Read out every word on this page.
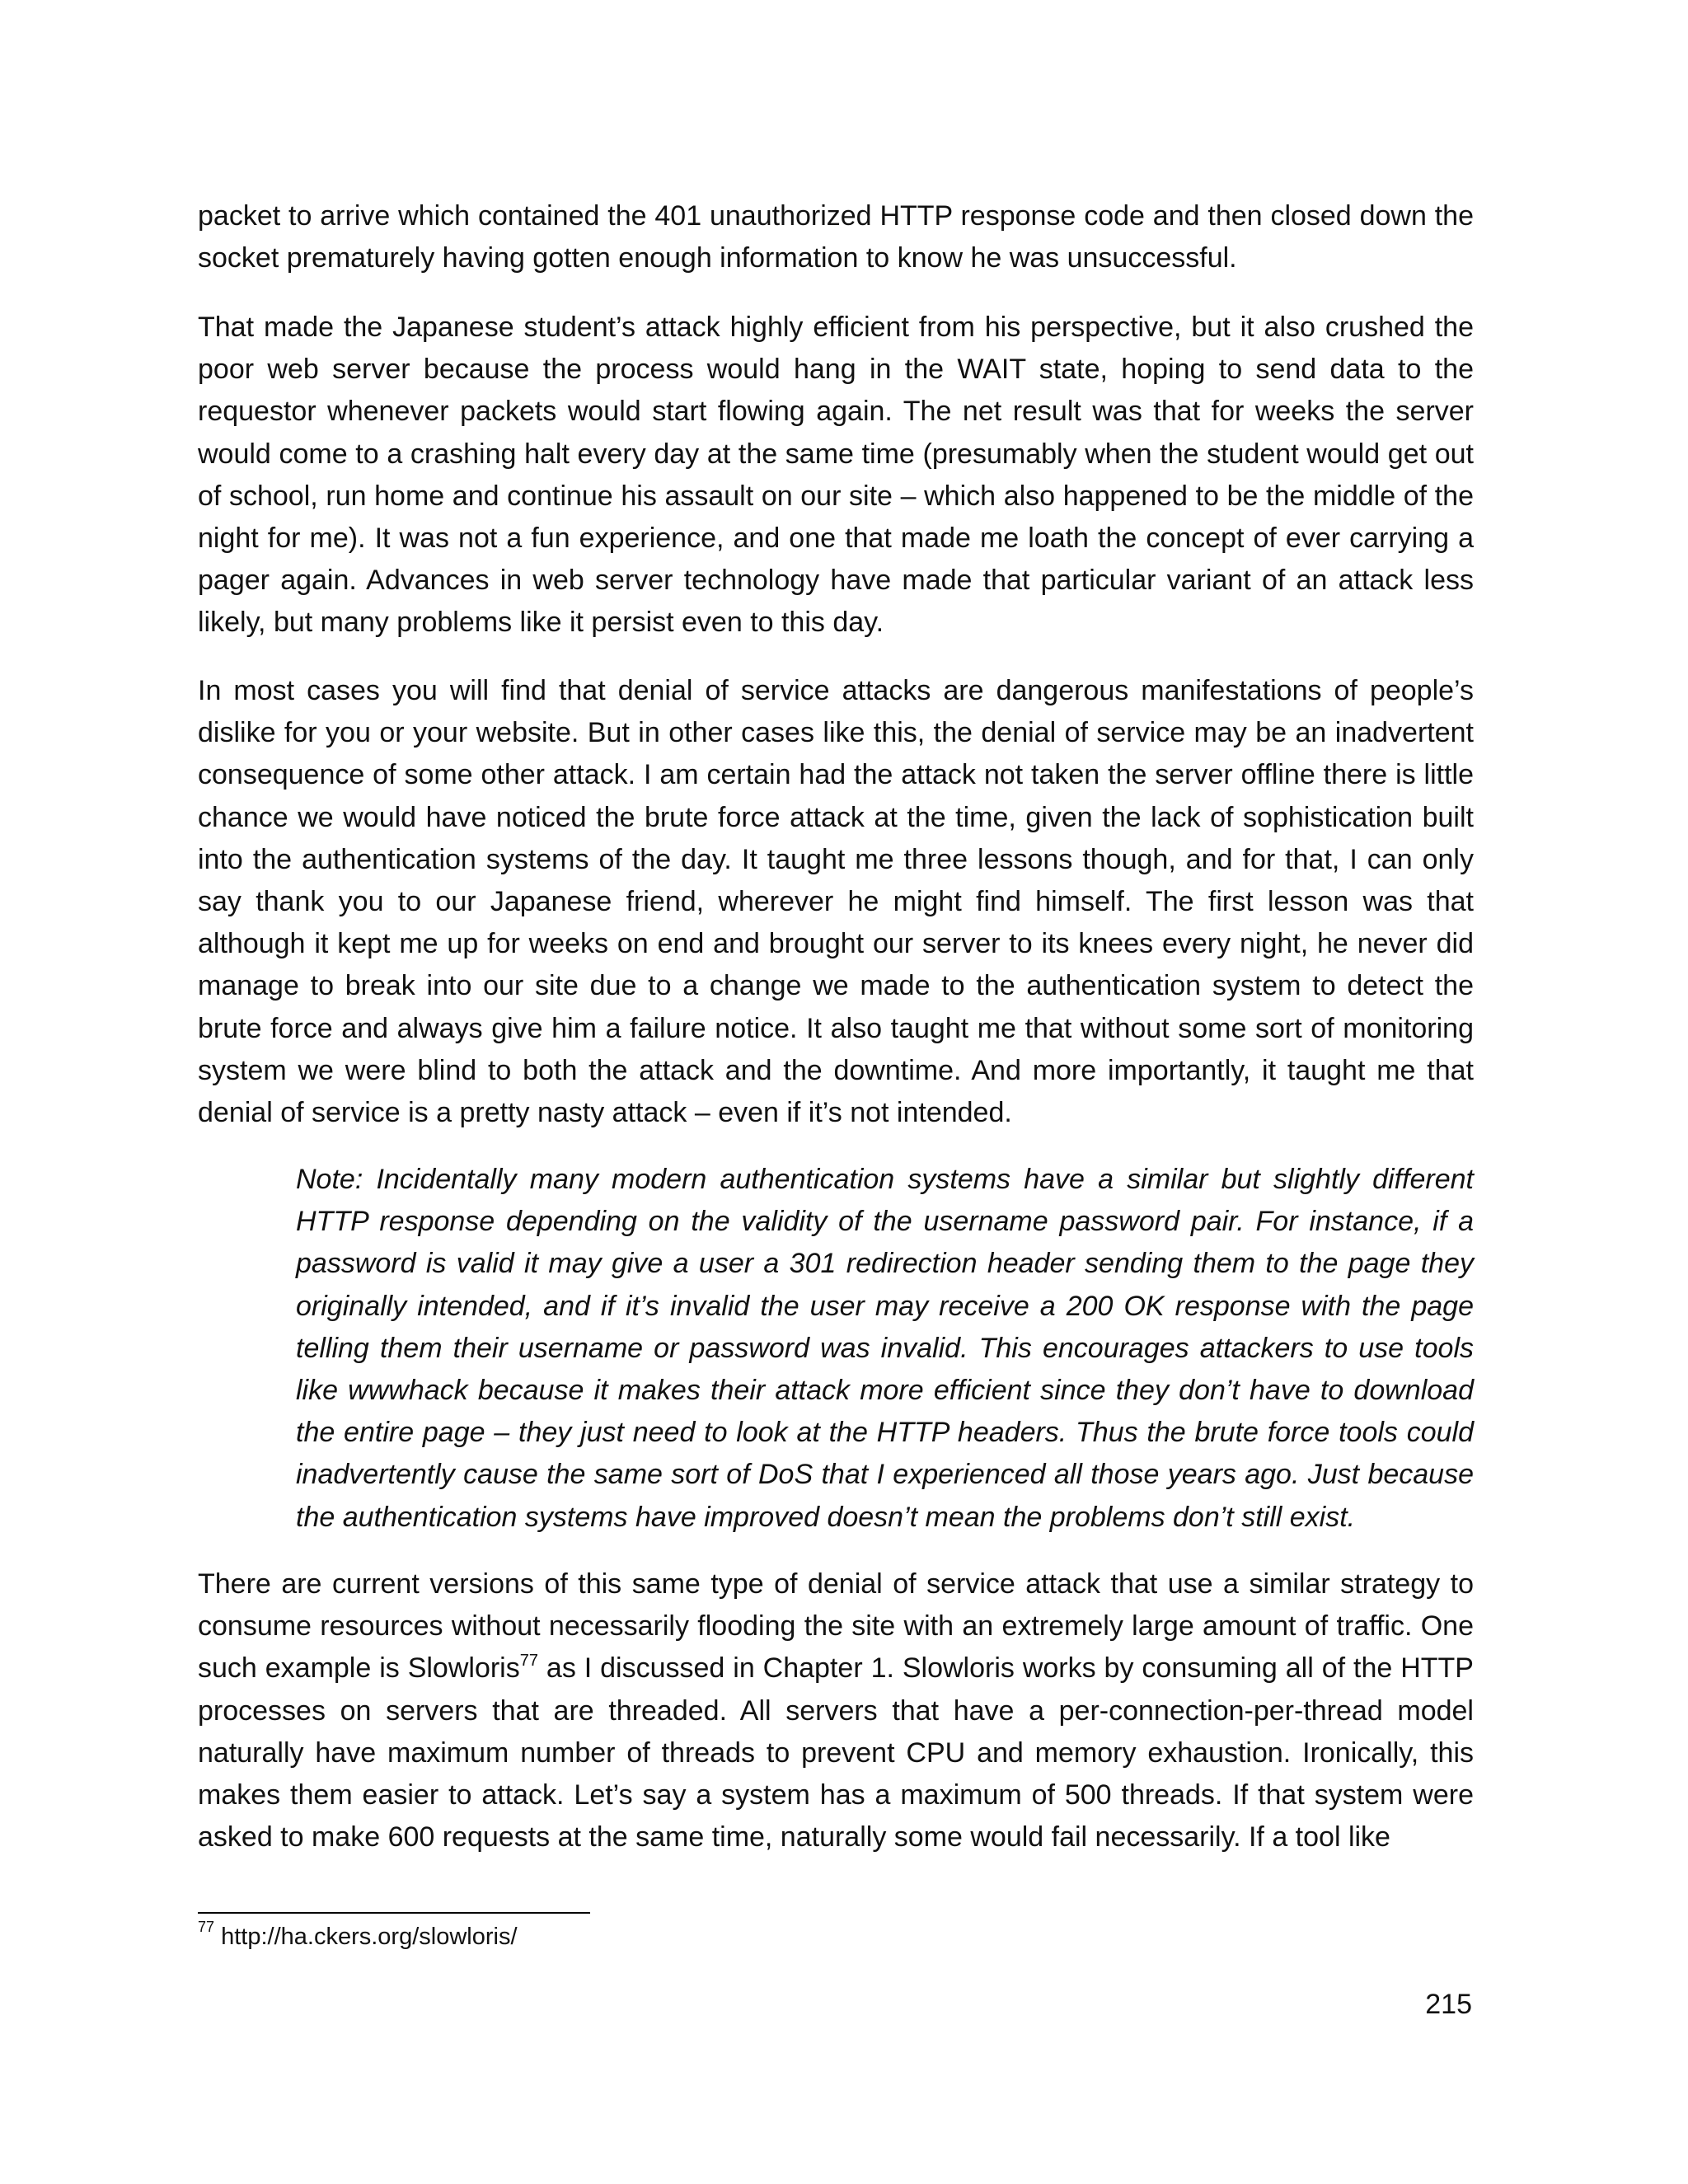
packet to arrive which contained the 401 unauthorized HTTP response code and then closed down the socket prematurely having gotten enough information to know he was unsuccessful.

That made the Japanese student’s attack highly efficient from his perspective, but it also crushed the poor web server because the process would hang in the WAIT state, hoping to send data to the requestor whenever packets would start flowing again. The net result was that for weeks the server would come to a crashing halt every day at the same time (presumably when the student would get out of school, run home and continue his assault on our site – which also happened to be the middle of the night for me). It was not a fun experience, and one that made me loath the concept of ever carrying a pager again. Advances in web server technology have made that particular variant of an attack less likely, but many problems like it persist even to this day.

In most cases you will find that denial of service attacks are dangerous manifestations of people’s dislike for you or your website. But in other cases like this, the denial of service may be an inadvertent consequence of some other attack. I am certain had the attack not taken the server offline there is little chance we would have noticed the brute force attack at the time, given the lack of sophistication built into the authentication systems of the day. It taught me three lessons though, and for that, I can only say thank you to our Japanese friend, wherever he might find himself. The first lesson was that although it kept me up for weeks on end and brought our server to its knees every night, he never did manage to break into our site due to a change we made to the authentication system to detect the brute force and always give him a failure notice. It also taught me that without some sort of monitoring system we were blind to both the attack and the downtime. And more importantly, it taught me that denial of service is a pretty nasty attack – even if it’s not intended.

Note: Incidentally many modern authentication systems have a similar but slightly different HTTP response depending on the validity of the username password pair. For instance, if a password is valid it may give a user a 301 redirection header sending them to the page they originally intended, and if it’s invalid the user may receive a 200 OK response with the page telling them their username or password was invalid. This encourages attackers to use tools like wwwhack because it makes their attack more efficient since they don’t have to download the entire page – they just need to look at the HTTP headers. Thus the brute force tools could inadvertently cause the same sort of DoS that I experienced all those years ago. Just because the authentication systems have improved doesn’t mean the problems don’t still exist.

There are current versions of this same type of denial of service attack that use a similar strategy to consume resources without necessarily flooding the site with an extremely large amount of traffic. One such example is Slowloris$^{77}$ as I discussed in Chapter 1. Slowloris works by consuming all of the HTTP processes on servers that are threaded. All servers that have a per-connection-per-thread model naturally have maximum number of threads to prevent CPU and memory exhaustion. Ironically, this makes them easier to attack. Let’s say a system has a maximum of 500 threads. If that system were asked to make 600 requests at the same time, naturally some would fail necessarily. If a tool like

$^{77}$ http://ha.ckers.org/slowloris/

215
